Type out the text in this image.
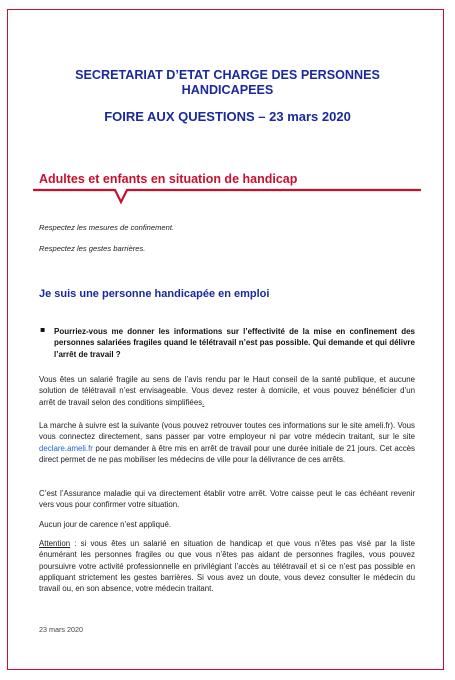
SECRETARIAT D’ETAT CHARGE DES PERSONNES
HANDICAPEES
FOIRE AUX QUESTIONS – 23 mars 2020
Adultes et enfants en situation de handicap
Respectez les mesures de confinement.
Respectez les gestes barrières.
Je suis une personne handicapée en emploi
▪ Pourriez-vous me donner les informations sur l’effectivité de la mise en confinement des personnes salariées fragiles quand le télétravail n’est pas possible. Qui demande et qui délivre l’arrêt de travail ?
Vous êtes un salarié fragile au sens de l’avis rendu par le Haut conseil de la santé publique, et aucune solution de télétravail n’est envisageable. Vous devez rester à domicile, et vous pouvez bénéficier d’un arrêt de travail selon des conditions simplifiées.
La marche à suivre est la suivante (vous pouvez retrouver toutes ces informations sur le site ameli.fr). Vous vous connectez directement, sans passer par votre employeur ni par votre médecin traitant, sur le site declare.ameli.fr pour demander à être mis en arrêt de travail pour une durée initiale de 21 jours. Cet accès direct permet de ne pas mobiliser les médecins de ville pour la délivrance de ces arrêts.
C’est l’Assurance maladie qui va directement établir votre arrêt. Votre caisse peut le cas échéant revenir vers vous pour confirmer votre situation.
Aucun jour de carence n’est appliqué.
Attention : si vous êtes un salarié en situation de handicap et que vous n’êtes pas visé par la liste énumérant les personnes fragiles ou que vous n’êtes pas aidant de personnes fragiles, vous pouvez poursuivre votre activité professionnelle en privilégiant l’accès au télétravail et si ce n’est pas possible en appliquant strictement les gestes barrières. Si vous avez un doute, vous devez consulter le médecin du travail ou, en son absence, votre médecin traitant.
23 mars 2020
